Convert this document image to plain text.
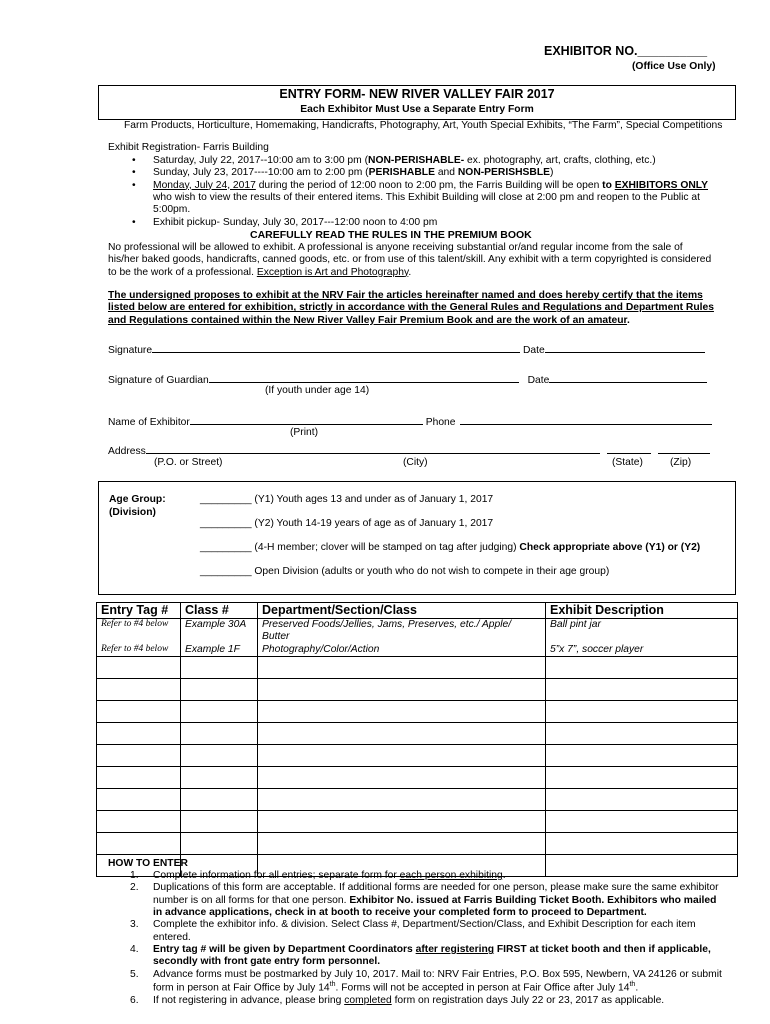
EXHIBITOR NO.__________
(Office Use Only)
ENTRY FORM- NEW RIVER VALLEY FAIR 2017
Each Exhibitor Must Use a Separate Entry Form
Farm Products, Horticulture, Homemaking, Handicrafts, Photography, Art, Youth Special Exhibits, “The Farm”, Special Competitions
Exhibit Registration- Farris Building
• Saturday, July 22, 2017--10:00 am to 3:00 pm (NON-PERISHABLE- ex. photography, art, crafts, clothing, etc.)
• Sunday, July 23, 2017----10:00 am to 2:00 pm (PERISHABLE and NON-PERISHSBLE)
• Monday, July 24, 2017 during the period of 12:00 noon to 2:00 pm, the Farris Building will be open to EXHIBITORS ONLY who wish to view the results of their entered items. This Exhibit Building will close at 2:00 pm and reopen to the Public at 5:00pm.
• Exhibit pickup- Sunday, July 30, 2017---12:00 noon to 4:00 pm
CAREFULLY READ THE RULES IN THE PREMIUM BOOK
No professional will be allowed to exhibit. A professional is anyone receiving substantial or/and regular income from the sale of his/her baked goods, handicrafts, canned goods, etc. or from use of this talent/skill. Any exhibit with a term copyrighted is considered to be the work of a professional. Exception is Art and Photography.
The undersigned proposes to exhibit at the NRV Fair the articles hereinafter named and does hereby certify that the items listed below are entered for exhibition, strictly in accordance with the General Rules and Regulations and Department Rules and Regulations contained within the New River Valley Fair Premium Book and are the work of an amateur.
Signature	Date
Signature of Guardian	Date
(If youth under age 14)
Name of Exhibitor	Phone
(Print)
Address
(P.O. or Street)	(City)	(State)	(Zip)
Age Group:
(Division)
_________ (Y1) Youth ages 13 and under as of January 1, 2017
_________ (Y2) Youth 14-19 years of age as of January 1, 2017
_________ (4-H member; clover will be stamped on tag after judging) Check appropriate above (Y1) or (Y2)
_________ Open Division (adults or youth who do not wish to compete in their age group)
Entry Tag #	Class #	Department/Section/Class	Exhibit Description
Refer to #4 below	Example 30A	Preserved Foods/Jellies, Jams, Preserves, etc./ Apple/ Butter	Ball pint jar
Refer to #4 below	Example 1F	Photography/Color/Action	5”x 7”, soccer player

HOW TO ENTER
1. Complete information for all entries; separate form for each person exhibiting.
2. Duplications of this form are acceptable. If additional forms are needed for one person, please make sure the same exhibitor number is on all forms for that one person. Exhibitor No. issued at Farris Building Ticket Booth. Exhibitors who mailed in advance applications, check in at booth to receive your completed form to proceed to Department.
3. Complete the exhibitor info. & division. Select Class #, Department/Section/Class, and Exhibit Description for each item entered.
4. Entry tag # will be given by Department Coordinators after registering FIRST at ticket booth and then if applicable, secondly with front gate entry form personnel.
5. Advance forms must be postmarked by July 10, 2017. Mail to: NRV Fair Entries, P.O. Box 595, Newbern, VA 24126 or submit form in person at Fair Office by July 14th. Forms will not be accepted in person at Fair Office after July 14th.
6. If not registering in advance, please bring completed form on registration days July 22 or 23, 2017 as applicable.
